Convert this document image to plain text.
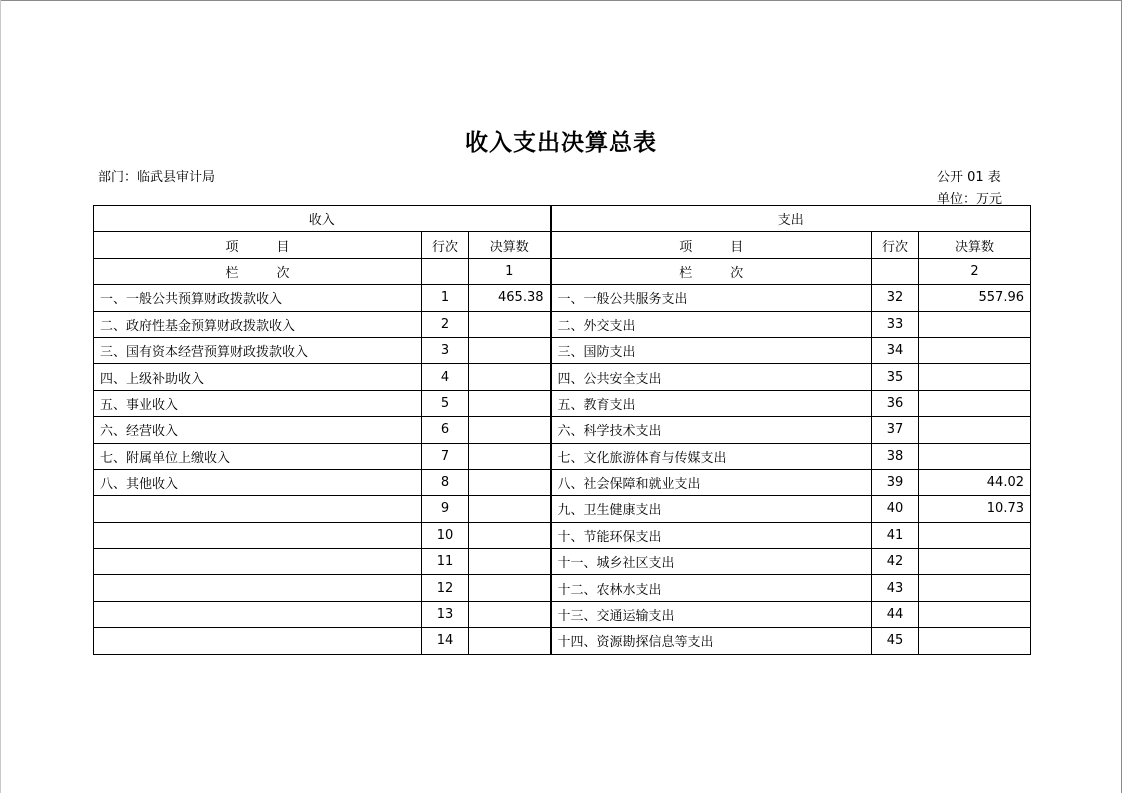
收入支出决算总表
部门：临武县审计局	公开 01 表
单位：万元
收入			支出		
项 目	行次	决算数	项 目	行次	决算数
栏 次		1	栏 次		2
一、一般公共预算财政拨款收入	1	465.38	一、一般公共服务支出	32	557.96
二、政府性基金预算财政拨款收入	2		二、外交支出	33	
三、国有资本经营预算财政拨款收入	3		三、国防支出	34	
四、上级补助收入	4		四、公共安全支出	35	
五、事业收入	5		五、教育支出	36	
六、经营收入	6		六、科学技术支出	37	
七、附属单位上缴收入	7		七、文化旅游体育与传媒支出	38	
八、其他收入	8		八、社会保障和就业支出	39	44.02
	9		九、卫生健康支出	40	10.73
	10		十、节能环保支出	41	
	11		十一、城乡社区支出	42	
	12		十二、农林水支出	43	
	13		十三、交通运输支出	44	
	14		十四、资源勘探信息等支出	45	
